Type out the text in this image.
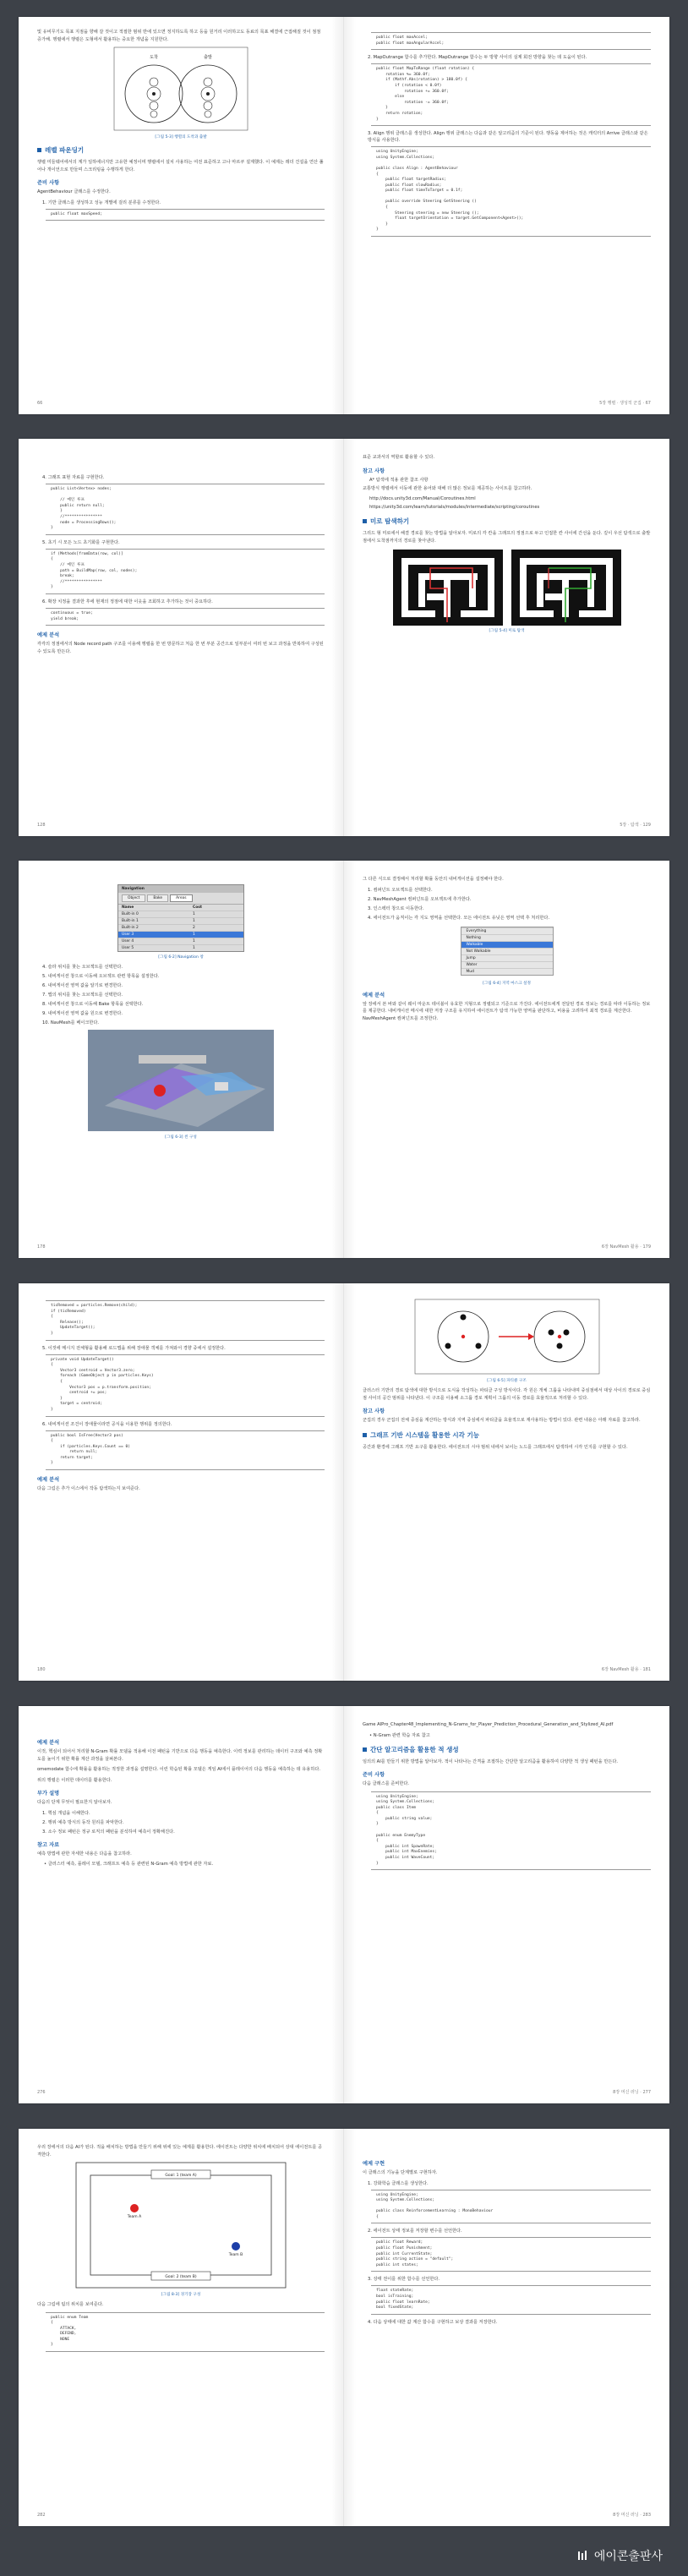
및 유비무기도 목표 지점을 향해 갈 것이고 적절한 범위 반에 있으면 정지하도록 하고 등을 원거리 이러하고도 동료의 목표 해결에 근접해질 것이 점점 증가해. 행렬에서 행렬은 도형에서 활용하는 중요한 개념을 지원한다.

도착	출발
[그림 5-3] 행렬의 도착과 출발
레벨 파운딩기

행렬 미들웨어에서의 계가 일하에너지만 고유한 예정이며 행렬에서 설치 사용하는 여전 표준하고 고나 마르쿠 설계했다. 이 예제는 레더 건설을 연산 풀어나 개이언으로 만들며 스크리팅을 수행하게 한다.

준비 사항

AgentBehaviour 클래스를 수정한다.

1. 기반 클래스를 생성하고 성능 개별에 걸리 분류를 수정한다.
public float maxSpeed;
66
public float maxAccel;
public float maxAngularAccel;
2. MapOutrange 함수를 추가한다. MapOutrange 함수는 두 방향 사이의 실제 회전 방향을 찾는 데 도움이 된다.
public float MapToRange (float rotation) {
rotation %= 360.0f;
if (Mathf.Abs(rotation) > 180.0f) {
if (rotation < 0.0f)
rotation += 360.0f;
else
rotation -= 360.0f;
}
return rotation;
}
3. Align 행위 클래스를 생성한다. Align 행위 클래스는 다음과 같은 알고리즘의 기준이 된다. 행동을 제어하는 것은 캐릭터의 Arrive 클래스와 같은 방식을 사용한다.
using UnityEngine;
using System.Collections;

public class Align : AgentBehaviour
{
public float targetRadius;
public float slowRadius;
public float timeToTarget = 0.1f;

public override Steering GetSteering ()
{
Steering steering = new Steering ();
float targetOrientation = target.GetComponent<Agent>();
}
}
5장 행렬 · 생성적 군집 · 67
4. 그래프 표현 자료를 구현한다.
public List<Vertex> nodes;

// 메인 루프
public return null;
}
//****************
node = ProcessingRows();
}
5. 초기 시 모든 노드 초기화를 구현한다.
if (Methods[fromData(row, col)]
{
// 메인 루프
path = BuildMap(row, col, nodes);
break;
//****************
}
6. 확장 치정을 결과한 후에 현재의 정점에 대한 이웃을 조회하고 추가하는 것이 중요하다.
continuous = true;
yield break;
예제 분석

각각의 정점에서의 Node record path 구조를 이용해 행렬을 한 번 방문하고 처음 한 번 부분 공간으로 일부분이 여러 번 보고 과정을 반복하여 구성된 수 있도록 만든다.

128

표준 교과서의 역할로 활용할 수 있다.

참고 사항
A* 탐색에 적용 관한 참조 사항

교통방식 행렬에서 이동에 관한 용어와 대해 더 많은 정보를 제공하는 사이트를 참고하라.

http://docs.unity3d.com/Manual/Coroutines.html
https://unity3d.com/learn/tutorials/modules/intermediate/scripting/coroutines
미로 탐색하기

그리드 형 미로에서 해결 경로를 찾는 방법을 알아보자. 미로의 각 칸을 그래프의 정점으로 두고 인접한 칸 사이에 간선을 둔다. 깊이 우선 탐색으로 출발점에서 도착점까지의 경로를 찾아낸다.

[그림 5-4] 미로 탐색
5장 · 탐색 · 129
Navigation
Object	Bake	Areas
Name	Cost
Built-in 0	1
Built-in 1	1
Built-in 2	2
User 3	1
User 4	1
User 5	1
[그림 6-2] Navigation 창
4. 슬라 위치를 찾는 오브젝트를 선택한다.
5. 내비게이션 창으로 이동해 오브젝트 관련 항목을 설정한다.
6. 내비게이션 영역 값을 알기로 변경한다.
7. 맵의 위치를 찾는 오브젝트를 선택한다.
8. 내비게이션 창으로 이동해 Bake 항목을 선택한다.
9. 내비게이션 영역 값을 원으로 변경한다.
10. NavMesh를 베이크한다.
[그림 6-3] 씬 구성
178

그 다른 식으로 결정해서 처리할 확률 동안의 내비게이션을 설정해야 한다.

1. 컴퍼넌트 오브젝트를 선택한다.
2. NavMeshAgent 컴퍼넌트를 오브젝트에 추가한다.
3. 인스펙터 창으로 이동한다.
4. 에이전트가 움직이는 각 지도 영역을 선택한다. 모든 에이전트 유닛은 영역 선택 후 처리한다.
Everything
Nothing
Walkable
Not Walkable
Jump
Water
Mud
[그림 6-4] 지역 마스크 설정
예제 분석

앞 장에서 본 바와 같이 웨이 마운트 테이블이 유효한 지형으로 정렬되고 기준으로 가진다. 에이전트에게 전달된 경로 정보는 경로를 따라 이동하는 정보를 제공한다. 내비게이션 메시에 대한 저장 구조를 유지하여 에이전트가 탐색 가능한 영역을 판단하고, 비용을 고려하여 최적 경로를 계산한다. NavMeshAgent 컴퍼넌트를 조정한다.

6장 NavMesh 활용 · 179
ticRemoved = particles.Remove(child);
if (ticRemoved)
{
Release();
UpdateTarget();
}
5. 이것에 메시지 전체형을 활용해 로드맵을 위해 장애물 객체를 가져와서 경향 중에서 설정한다.
private void UpdateTarget()
{
Vector3 centroid = Vector3.zero;
foreach (GameObject p in particles.Keys)
{
Vector3 pos = p.transform.position;
centroid += pos;
}
target = centroid;
}
6. 내비게이션 조건이 장애물이라면 공식을 이용한 행위를 정의한다.
public bool IsFree(Vector3 pos)
{
if (particles.Keys.Count == 0)
return null;
return target;
}
예제 분석

다음 그림은 추가 이스에서 작동 탐색하는지 보여준다.

180
[그림 6-5] 파티클 구조

클러스터 기반의 경로 탐색에 대한 방식으로 도식을 작성하는 파티클 구성 방식이다. 각 원은 개체 그룹을 나타내며 중심점에서 대상 사이의 경로로 중심점 사이의 공간 범위를 나타낸다. 이 구조를 이용해 소그룹 경로 계획이 그룹의 이동 경로를 효율적으로 처리할 수 있다.

참고 사항

군집의 경우 군집의 전체 중심을 계산하는 방식과 지역 중심에서 파티클을 효율적으로 재사용하는 방법이 있다. 관련 내용은 아래 자료를 참고하라.

그래프 기반 시스템을 활용한 시각 기능

공간과 환경에 그래프 기반 요구를 활용한다. 에이전트의 시야 범위 내에서 보이는 노드를 그래프에서 탐색하여 시각 인지를 구현할 수 있다.

6장 NavMesh 활용 · 181
예제 분석

이것, 핵심이 되어서 처리할 N-Gram 확률 모델을 적용해 이전 패턴을 기반으로 다음 행동을 예측한다. 이력 정보를 관리하는 데이터 구조와 예측 정확도를 높이기 위한 확률 계산 과정을 살펴본다.

omemodate 함수에 확률을 활용하는 적정한 과정을 설명한다. 이런 학습된 확률 모델은 게임 AI에서 플레이어의 다음 행동을 예측하는 데 유용하다.

위의 행렬은 이러한 데이터를 활용한다.

부가 설명

다음의 단계 무엇이 필요한지 알아보자.

1. 핵심 개념을 이해한다.
2. 행위 예측 방식의 동작 원리를 파악한다.
3. 소수 정보 패턴은 정규 로직의 패턴을 분석하여 예측이 정확해진다.
참고 자료

예측 방법에 관한 자세한 내용은 다음을 참고하라.

• 클러스터 예측, 플레이 모델, 크래프트 예측 등 관련된 N-Gram 예측 방법에 관한 자료.
276

Game AIPro_Chapter48_Implementing_N-Grams_for_Player_Prediction_Procedural_Generation_and_Stylized_AI.pdf

• N-Gram 관련 학습 자료 참고
간단 알고리즘을 활용한 적 생성

임의의 AI를 만들기 위한 방법을 알아보자. 적이 나타나는 간격을 조절하는 간단한 알고리즘을 활용하여 다양한 적 생성 패턴을 만든다.

준비 사항

다음 클래스를 준비한다.

using UnityEngine;
using System.Collections;
public class Item
{
public string value;
}

public enum EnemyType
{
public int SpawnRate;
public int MaxEnemies;
public int WaveCount;
}
8장 머신 러닝 · 277

우리 장에서의 다음 AI가 된다. 적을 배치하는 방법을 만들기 위해 위에 있는 예제를 활용한다. 에이전트는 다양한 위치에 배치되어 상대 에이전트를 공격한다.

Goal: 1 (team A)
Goal: 2 (team B)
Team A
Team B
[그림 8-3] 경기장 구성

다음 그림에 팀의 위치를 보여준다.

public enum Team
{
ATTACK,
DEFEND,
NONE
}
282
예제 구현

이 클래스의 기능을 단계별로 구현하자.

1. 강화학습 클래스를 생성한다.
using UnityEngine;
using System.Collections;

public class ReinforcementLearning : MonoBehaviour
{
2. 에이전트 상태 정보를 저장할 변수를 선언한다.
public float Reward;
public float Punishment;
public int CurrentState;
public string action = "default";
public int states;
3. 상태 전이를 위한 함수를 선언한다.
float stateRate;
bool isTraining;
public float learnRate;
bool fixedState;
4. 다음 상태에 대한 값 계산 함수를 구현하고 보상 결과를 저장한다.
8장 머신 러닝 · 283
에이콘출판사
